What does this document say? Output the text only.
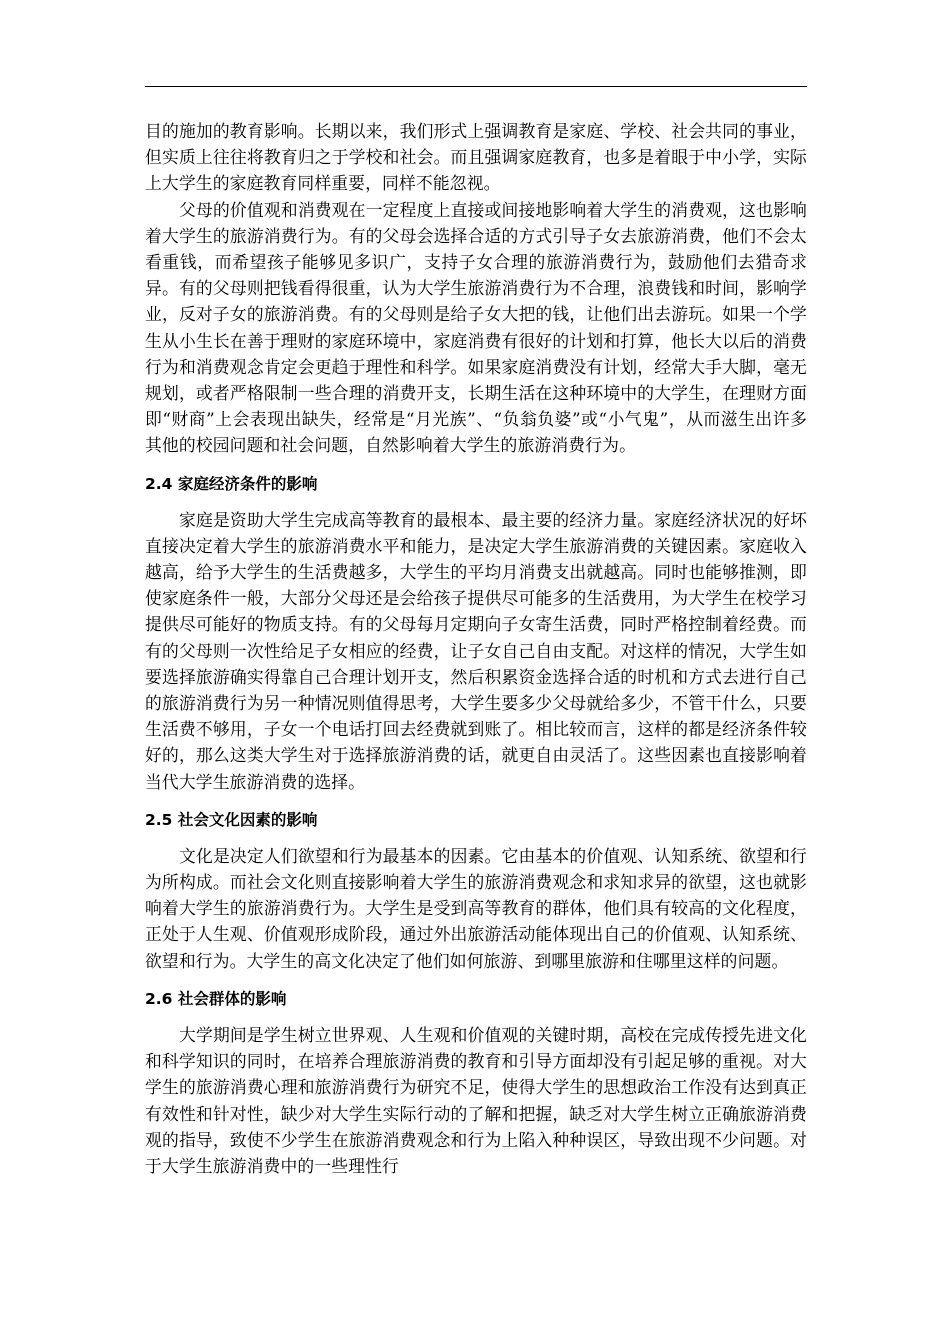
目的施加的教育影响。长期以来，我们形式上强调教育是家庭、学校、社会共同的事业，但实质上往往将教育归之于学校和社会。而且强调家庭教育，也多是着眼于中小学，实际上大学生的家庭教育同样重要，同样不能忽视。

父母的价值观和消费观在一定程度上直接或间接地影响着大学生的消费观，这也影响着大学生的旅游消费行为。有的父母会选择合适的方式引导子女去旅游消费，他们不会太看重钱，而希望孩子能够见多识广，支持子女合理的旅游消费行为，鼓励他们去猎奇求异。有的父母则把钱看得很重，认为大学生旅游消费行为不合理，浪费钱和时间，影响学业，反对子女的旅游消费。有的父母则是给子女大把的钱，让他们出去游玩。如果一个学生从小生长在善于理财的家庭环境中，家庭消费有很好的计划和打算，他长大以后的消费行为和消费观念肯定会更趋于理性和科学。如果家庭消费没有计划，经常大手大脚，毫无规划，或者严格限制一些合理的消费开支，长期生活在这种环境中的大学生，在理财方面即“财商”上会表现出缺失，经常是“月光族”、“负翁负婆”或“小气鬼”，从而滋生出许多其他的校园问题和社会问题，自然影响着大学生的旅游消费行为。

2.4 家庭经济条件的影响

家庭是资助大学生完成高等教育的最根本、最主要的经济力量。家庭经济状况的好坏直接决定着大学生的旅游消费水平和能力，是决定大学生旅游消费的关键因素。家庭收入越高，给予大学生的生活费越多，大学生的平均月消费支出就越高。同时也能够推测，即使家庭条件一般，大部分父母还是会给孩子提供尽可能多的生活费用，为大学生在校学习提供尽可能好的物质支持。有的父母每月定期向子女寄生活费，同时严格控制着经费。而有的父母则一次性给足子女相应的经费，让子女自己自由支配。对这样的情况，大学生如要选择旅游确实得靠自己合理计划开支，然后积累资金选择合适的时机和方式去进行自己的旅游消费行为另一种情况则值得思考，大学生要多少父母就给多少，不管干什么，只要生活费不够用，子女一个电话打回去经费就到账了。相比较而言，这样的都是经济条件较好的，那么这类大学生对于选择旅游消费的话，就更自由灵活了。这些因素也直接影响着当代大学生旅游消费的选择。

2.5 社会文化因素的影响

文化是决定人们欲望和行为最基本的因素。它由基本的价值观、认知系统、欲望和行为所构成。而社会文化则直接影响着大学生的旅游消费观念和求知求异的欲望，这也就影响着大学生的旅游消费行为。大学生是受到高等教育的群体，他们具有较高的文化程度，正处于人生观、价值观形成阶段，通过外出旅游活动能体现出自己的价值观、认知系统、欲望和行为。大学生的高文化决定了他们如何旅游、到哪里旅游和住哪里这样的问题。

2.6 社会群体的影响

大学期间是学生树立世界观、人生观和价值观的关键时期，高校在完成传授先进文化和科学知识的同时，在培养合理旅游消费的教育和引导方面却没有引起足够的重视。对大学生的旅游消费心理和旅游消费行为研究不足，使得大学生的思想政治工作没有达到真正有效性和针对性，缺少对大学生实际行动的了解和把握，缺乏对大学生树立正确旅游消费观的指导，致使不少学生在旅游消费观念和行为上陷入种种误区，导致出现不少问题。对于大学生旅游消费中的一些理性行
